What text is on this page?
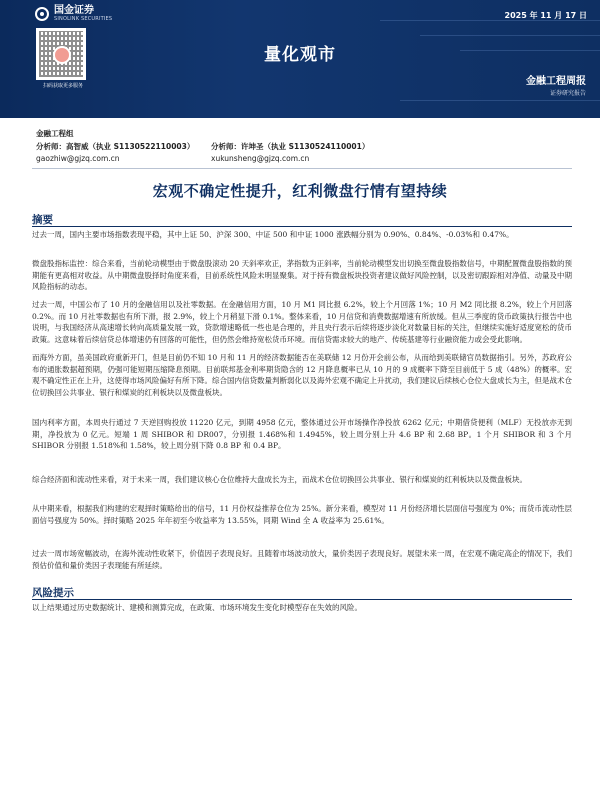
国金证券
SINOLINK SECURITIES	2025 年 11 月 17 日
扫码获取更多服务
量化观市
金融工程周报
证券研究报告
金融工程组
分析师：高智威（执业 S1130522110003）
gaozhiw@gjzq.com.cn
分析师：许坤圣（执业 S1130524110001）
xukunsheng@gjzq.com.cn
宏观不确定性提升，红利微盘行情有望持续
摘要

过去一周，国内主要市场指数表现平稳，其中上证 50、沪深 300、中证 500 和中证 1000 涨跌幅分别为 0.90%、0.84%、-0.03%和 0.47%。

微盘股指标监控：综合来看，当前轮动模型由于微盘股滚动 20 天斜率欢正，茅指数为正斜率，当前轮动模型发出切换至微盘股指数信号，中期配置微盘股指数的预期能有更高相对收益。从中期微盘股择时角度来看，目前系统性风险未明显聚集。对于持有微盘板块投资者建议做好风险控制，以及密切跟踪相对净值、动量及中期风险指标的动态。

过去一周，中国公布了 10 月的金融信用以及社零数据。在金融信用方面，10 月 M1 同比报 6.2%，较上个月回落 1%；10 月 M2 同比报 8.2%，较上个月回落 0.2%。而 10 月社零数据也有所下滑，报 2.9%，较上个月稍显下滑 0.1%。整体来看，10 月信贷和消费数据增速有所放缓。但从三季度的货币政策执行报告中也说明，与我国经济从高速增长转向高质量发展一致，贷款增速略低一些也是合理的，并且央行表示后续将逐步淡化对数量目标的关注，但继续实施好适度宽松的货币政策。这意味着后续信贷总体增速仍有回落的可能性，但仍然会维持宽松货币环境。而信贷需求较大的地产、传统基建等行业融资能力或会受此影响。

而海外方面，虽美国政府重新开门，但是目前仍不知 10 月和 11 月的经济数据能否在美联储 12 月份开会前公布，从而给到美联储官员数据指引。另外，苏政府公布的通胀数据超预期，仍强可能短期压缩降息预期。目前联邦基金利率期货隐含的 12 月降息概率已从 10 月的 9 成概率下降至目前低于 5 成（48%）的概率。宏观不确定性正在上升，这使得市场风险偏好有所下降。综合国内信贷数量判断弱化以及海外宏观不确定上升扰动，我们建议后续核心仓位大盘成长为主，但是战术仓位切换回公共事业、银行和煤炭的红利板块以及微盘板块。

国内利率方面，本周央行通过 7 天逆回购投放 11220 亿元，到期 4958 亿元，整体通过公开市场操作净投放 6262 亿元；中期借贷便利（MLF）无投放亦无到期，净投放为 0 亿元。短端 1 周 SHIBOR 和 DR007，分别报 1.468%和 1.4945%，较上周分别上升 4.6 BP 和 2.68 BP。1 个月 SHIBOR 和 3 个月 SHIBOR 分别报 1.518%和 1.58%，较上周分别下降 0.8 BP 和 0.4 BP。

综合经济面和流动性来看，对于未来一周，我们建议核心仓位维持大盘成长为主，而战术仓位切换回公共事业、银行和煤炭的红利板块以及微盘板块。

从中期来看，根据我们构建的宏观择时策略给出的信号，11 月份权益推荐仓位为 25%。新分来看，模型对 11 月份经济增长层面信号强度为 0%；而货币流动性层面信号强度为 50%。择时策略 2025 年年初至今收益率为 13.55%，同期 Wind 全 A 收益率为 25.61%。

过去一周市场宽幅波动，在海外流动性收紧下，价值因子表现良好。且随着市场波动放大，量价类因子表现良好。展望未来一周，在宏观不确定高企的情况下，我们预估价值和量价类因子表现能有所延续。

风险提示

以上结果通过历史数据统计、建模和测算完成，在政策、市场环境发生变化时模型存在失效的风险。
